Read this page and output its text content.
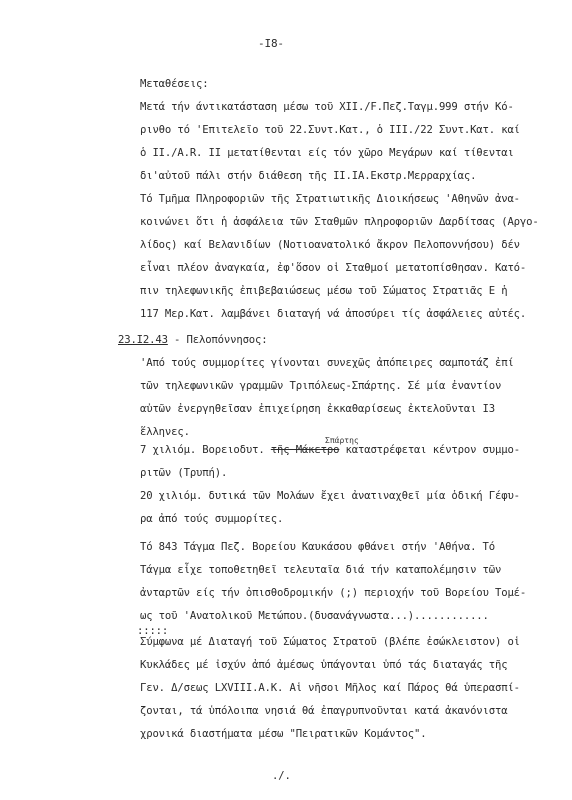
-I8-
Μεταθέσεις:
Μετά τήν άντικατάσταση μέσω τοῦ ΧΙΙ./F.Πεζ.Ταγμ.999 στήν Κό-
ρινθο τό 'Επιτελεῖο τοῦ 22.Συντ.Κατ., ὁ ΙΙΙ./22 Συντ.Κατ. καί
ὁ ΙΙ./Α.R. ΙΙ μετατίθενται είς τόν χῶρο Μεγάρων καί τίθενται
δι'αὐτοῦ πάλι στήν διάθεση τῆς ΙΙ.ΙΑ.Εκστρ.Μερραρχίας.
Τό Τμῆμα Πληροφοριῶν τῆς Στρατιωτικῆς Διοικήσεως 'Αθηνῶν ἀνα-
κοινώνει ὅτι ἡ ἀσφάλεια τῶν Σταθμῶν πληροφοριῶν Δαρδίτσας (Αργο-
λίδος) καί Βελανιδίων (Νοτιοανατολικό ἄκρον Πελοποννήσου) δέν
εἶναι πλέον ἀναγκαία, ἐφ'ὅσον οἱ Σταθμοί μετατοπίσθησαν. Κατό-
πιν τηλεφωνικῆς ἐπιβεβαιώσεως μέσω τοῦ Σώματος Στρατιᾶς Ε ἡ
117 Μερ.Κατ. λαμβάνει διαταγή νά ἀποσύρει τίς ἀσφάλειες αὐτές.
23.I2.43 - Πελοπόννησος:
'Από τούς συμμορίτες γίνονται συνεχῶς ἀπόπειρες σαμποτάζ ἐπί
τῶν τηλεφωνικῶν γραμμῶν Τριπόλεως-Σπάρτης. Σέ μία ἐναντίον
αὐτῶν ἐνεργηθεῖσαν ἐπιχείρηση ἐκκαθαρίσεως ἐκτελοῦνται I3
ἕλληνες.
Σπάρτης
7 χιλιόμ. Βορειοδυτ. τῆς Μάκετρο καταστρέφεται κέντρον συμμο-
ριτῶν (Τρυπή).
20 χιλιόμ. δυτικά τῶν Μολάων ἔχει ἀνατιναχθεῖ μία ὁδική Γέφυ-
ρα ἀπό τούς συμμορίτες.
Τό 843 Τάγμα Πεζ. Βορείου Καυκάσου φθάνει στήν 'Αθήνα. Τό
Τάγμα εἶχε τοποθετηθεῖ τελευταῖα διά τήν καταπολέμησιν τῶν
ἀνταρτῶν είς τήν ὀπισθοδρομικήν (;) περιοχήν τοῦ Βορείου Τομέ-
ως τοῦ 'Ανατολικοῦ Μετώπου.(δυσανάγνωστα...)............
:::::
Σύμφωνα μέ Διαταγή τοῦ Σώματος Στρατοῦ (βλέπε ἐσώκλειστον) οἱ
Κυκλάδες μέ ἰσχύν ἀπό ἀμέσως ὑπάγονται ὑπό τάς διαταγάς τῆς
Γεν. Δ/σεως LXVIII.Α.Κ. Αἱ νῆσοι Μῆλος καί Πάρος θά ὑπερασπί-
ζονται, τά ὑπόλοιπα νησιά θά ἐπαγρυπνοῦνται κατά ἀκανόνιστα
χρονικά διαστήματα μέσω "Πειρατικῶν Κομάντος".
./.
